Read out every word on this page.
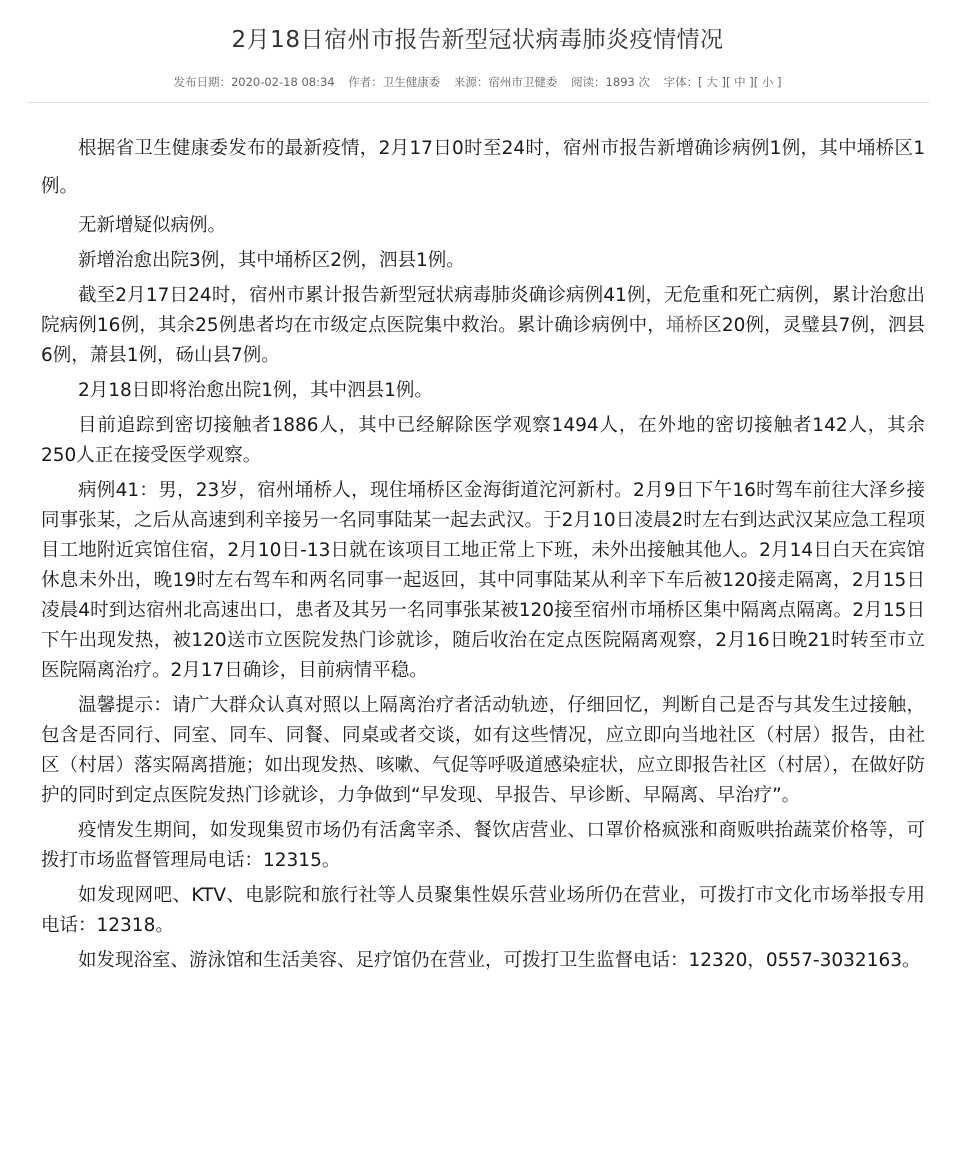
2月18日宿州市报告新型冠状病毒肺炎疫情情况
发布日期：2020-02-18 08:34 作者：卫生健康委 来源：宿州市卫健委 阅读：1893 次 字体：[ 大 ][ 中 ][ 小 ]

根据省卫生健康委发布的最新疫情，2月17日0时至24时，宿州市报告新增确诊病例1例，其中埇桥区1例。

无新增疑似病例。

新增治愈出院3例，其中埇桥区2例，泗县1例。

截至2月17日24时，宿州市累计报告新型冠状病毒肺炎确诊病例41例，无危重和死亡病例，累计治愈出院病例16例，其余25例患者均在市级定点医院集中救治。累计确诊病例中，埇桥区20例，灵璧县7例，泗县6例，萧县1例，砀山县7例。

2月18日即将治愈出院1例，其中泗县1例。

目前追踪到密切接触者1886人，其中已经解除医学观察1494人，在外地的密切接触者142人，其余250人正在接受医学观察。

病例41：男，23岁，宿州埇桥人，现住埇桥区金海街道沱河新村。2月9日下午16时驾车前往大泽乡接同事张某，之后从高速到利辛接另一名同事陆某一起去武汉。于2月10日凌晨2时左右到达武汉某应急工程项目工地附近宾馆住宿，2月10日-13日就在该项目工地正常上下班，未外出接触其他人。2月14日白天在宾馆休息未外出，晚19时左右驾车和两名同事一起返回，其中同事陆某从利辛下车后被120接走隔离，2月15日凌晨4时到达宿州北高速出口，患者及其另一名同事张某被120接至宿州市埇桥区集中隔离点隔离。2月15日下午出现发热，被120送市立医院发热门诊就诊，随后收治在定点医院隔离观察，2月16日晚21时转至市立医院隔离治疗。2月17日确诊，目前病情平稳。

温馨提示：请广大群众认真对照以上隔离治疗者活动轨迹，仔细回忆，判断自己是否与其发生过接触，包含是否同行、同室、同车、同餐、同桌或者交谈，如有这些情况，应立即向当地社区（村居）报告，由社区（村居）落实隔离措施；如出现发热、咳嗽、气促等呼吸道感染症状，应立即报告社区（村居），在做好防护的同时到定点医院发热门诊就诊，力争做到“早发现、早报告、早诊断、早隔离、早治疗”。

疫情发生期间，如发现集贸市场仍有活禽宰杀、餐饮店营业、口罩价格疯涨和商贩哄抬蔬菜价格等，可拨打市场监督管理局电话：12315。

如发现网吧、KTV、电影院和旅行社等人员聚集性娱乐营业场所仍在营业，可拨打市文化市场举报专用电话：12318。

如发现浴室、游泳馆和生活美容、足疗馆仍在营业，可拨打卫生监督电话：12320，0557-3032163。
